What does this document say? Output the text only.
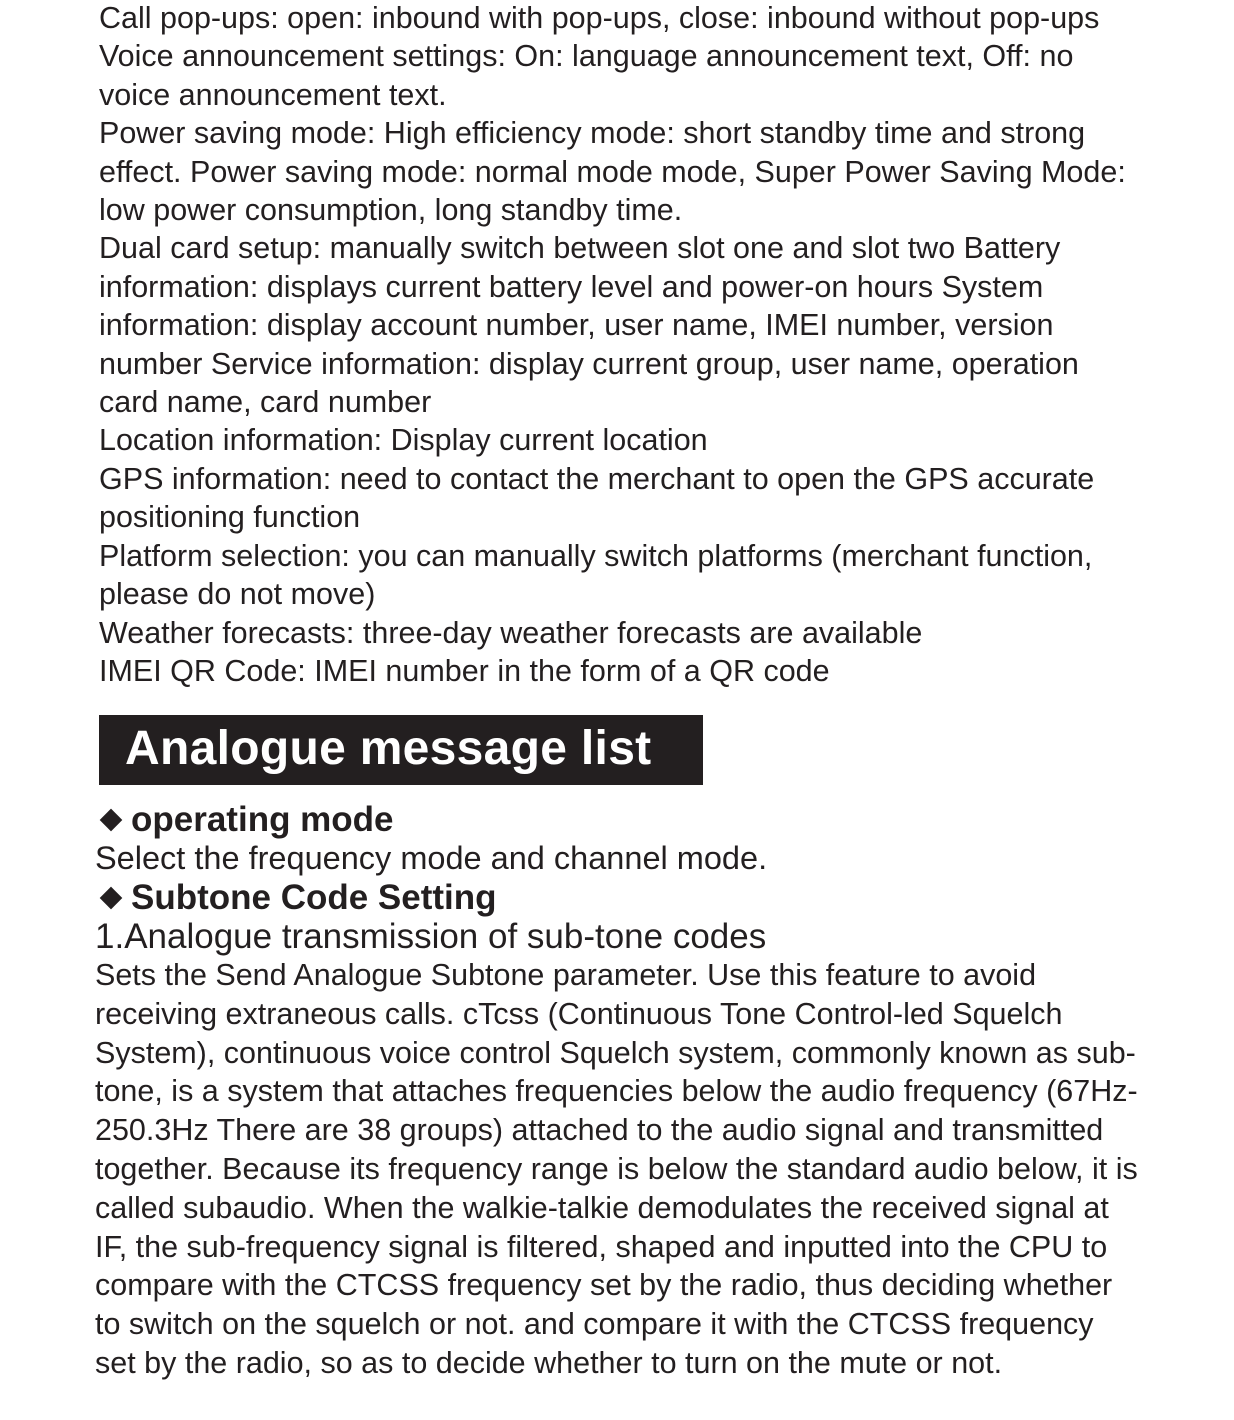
Call pop-ups: open: inbound with pop-ups, close: inbound without pop-ups Voice announcement settings: On: language announcement text, Off: no voice announcement text.

Power saving mode: High efficiency mode: short standby time and strong effect. Power saving mode: normal mode mode, Super Power Saving Mode: low power consumption, long standby time.

Dual card setup: manually switch between slot one and slot two Battery information: displays current battery level and power-on hours System information: display account number, user name, IMEI number, version number Service information: display current group, user name, operation card name, card number

Location information: Display current location

GPS information: need to contact the merchant to open the GPS accurate positioning function

Platform selection: you can manually switch platforms (merchant function, please do not move)

Weather forecasts: three-day weather forecasts are available

IMEI QR Code: IMEI number in the form of a QR code

Analogue message list
operating mode

Select the frequency mode and channel mode.

Subtone Code Setting

1.Analogue transmission of sub-tone codes

Sets the Send Analogue Subtone parameter. Use this feature to avoid receiving extraneous calls. cTcss (Continuous Tone Control-led Squelch System), continuous voice control Squelch system, commonly known as sub-tone, is a system that attaches frequencies below the audio frequency (67Hz-250.3Hz There are 38 groups) attached to the audio signal and transmitted together. Because its frequency range is below the standard audio below, it is called subaudio. When the walkie-talkie demodulates the received signal at IF, the sub-frequency signal is filtered, shaped and inputted into the CPU to compare with the CTCSS frequency set by the radio, thus deciding whether to switch on the squelch or not. and compare it with the CTCSS frequency set by the radio, so as to decide whether to turn on the mute or not.
